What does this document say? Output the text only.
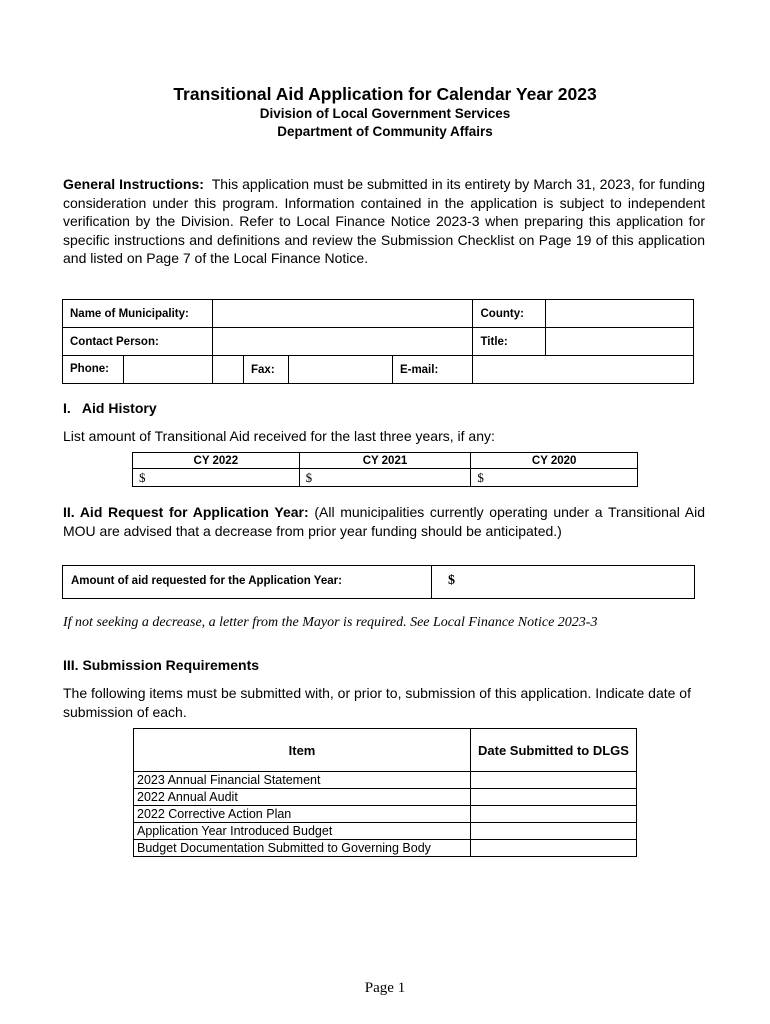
Transitional Aid Application for Calendar Year 2023
Division of Local Government Services
Department of Community Affairs
General Instructions: This application must be submitted in its entirety by March 31, 2023, for funding consideration under this program. Information contained in the application is subject to independent verification by the Division. Refer to Local Finance Notice 2023-3 when preparing this application for specific instructions and definitions and review the Submission Checklist on Page 19 of this application and listed on Page 7 of the Local Finance Notice.
Name of Municipality:					County:	
Contact Person:					Title:	

Phone:		Fax:		E-mail:		
I.   Aid History
List amount of Transitional Aid received for the last three years, if any:
CY 2022	CY 2021	CY 2020
$	$	$
II. Aid Request for Application Year: (All municipalities currently operating under a Transitional Aid MOU are advised that a decrease from prior year funding should be anticipated.)
Amount of aid requested for the Application Year:	$
If not seeking a decrease, a letter from the Mayor is required. See Local Finance Notice 2023-3
III. Submission Requirements
The following items must be submitted with, or prior to, submission of this application. Indicate date of submission of each.
Item	Date Submitted to DLGS
2023 Annual Financial Statement	
2022 Annual Audit	
2022 Corrective Action Plan	
Application Year Introduced Budget	
Budget Documentation Submitted to Governing Body	
Page 1
